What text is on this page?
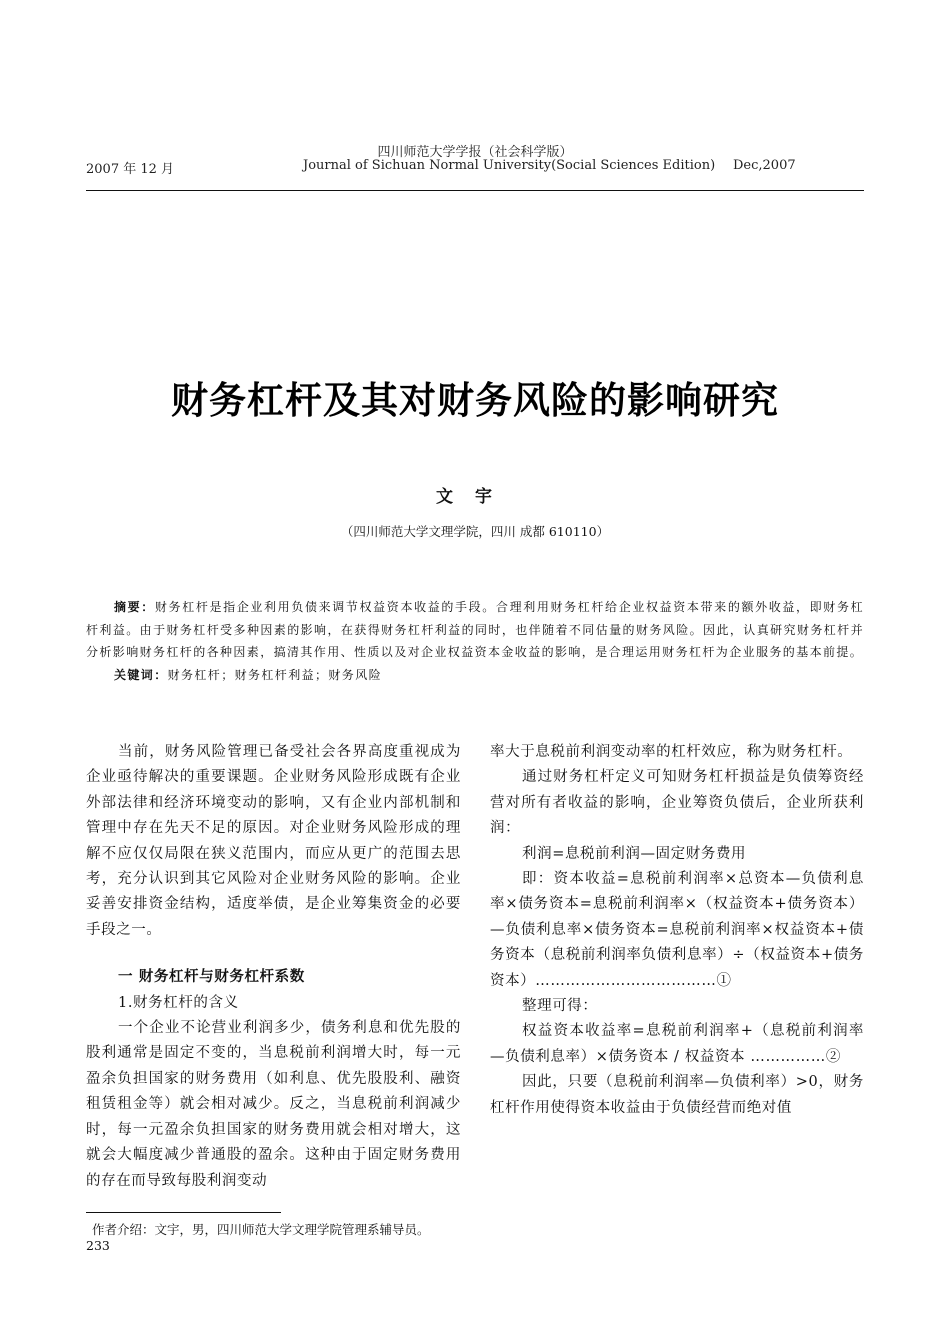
四川师范大学学报（社会科学版）
2007 年 12 月	Journal of Sichuan Normal University(Social Sciences Edition) Dec,2007
财务杠杆及其对财务风险的影响研究
文宇
（四川师范大学文理学院，四川 成都 610110）

摘要：财务杠杆是指企业利用负债来调节权益资本收益的手段。合理利用财务杠杆给企业权益资本带来的额外收益，即财务杠杆利益。由于财务杠杆受多种因素的影响，在获得财务杠杆利益的同时，也伴随着不同估量的财务风险。因此，认真研究财务杠杆并分析影响财务杠杆的各种因素，搞清其作用、性质以及对企业权益资本金收益的影响，是合理运用财务杠杆为企业服务的基本前提。

关键词：财务杠杆；财务杠杆利益；财务风险

当前，财务风险管理已备受社会各界高度重视成为企业亟待解决的重要课题。企业财务风险形成既有企业外部法律和经济环境变动的影响，又有企业内部机制和管理中存在先天不足的原因。对企业财务风险形成的理解不应仅仅局限在狭义范围内，而应从更广的范围去思考，充分认识到其它风险对企业财务风险的影响。企业妥善安排资金结构，适度举债，是企业筹集资金的必要手段之一。

一 财务杠杆与财务杠杆系数

1.财务杠杆的含义

一个企业不论营业利润多少，债务利息和优先股的股利通常是固定不变的，当息税前利润增大时，每一元盈余负担国家的财务费用（如利息、优先股股利、融资租赁租金等）就会相对减少。反之，当息税前利润减少时，每一元盈余负担国家的财务费用就会相对增大，这就会大幅度减少普通股的盈余。这种由于固定财务费用的存在而导致每股利润变动

率大于息税前利润变动率的杠杆效应，称为财务杠杆。

通过财务杠杆定义可知财务杠杆损益是负债筹资经营对所有者收益的影响，企业筹资负债后，企业所获利润：

利润=息税前利润—固定财务费用

即：资本收益=息税前利润率×总资本—负债利息率×债务资本=息税前利润率×（权益资本+债务资本）—负债利息率×债务资本=息税前利润率×权益资本+债务资本（息税前利润率负债利息率）÷（权益资本+债务资本）………………………………①

整理可得：

权益资本收益率=息税前利润率+（息税前利润率—负债利息率）×债务资本 / 权益资本 ……………②

因此，只要（息税前利润率—负债利率）>0，财务杠杆作用使得资本收益由于负债经营而绝对值

作者介绍：文宇，男，四川师范大学文理学院管理系辅导员。
233
